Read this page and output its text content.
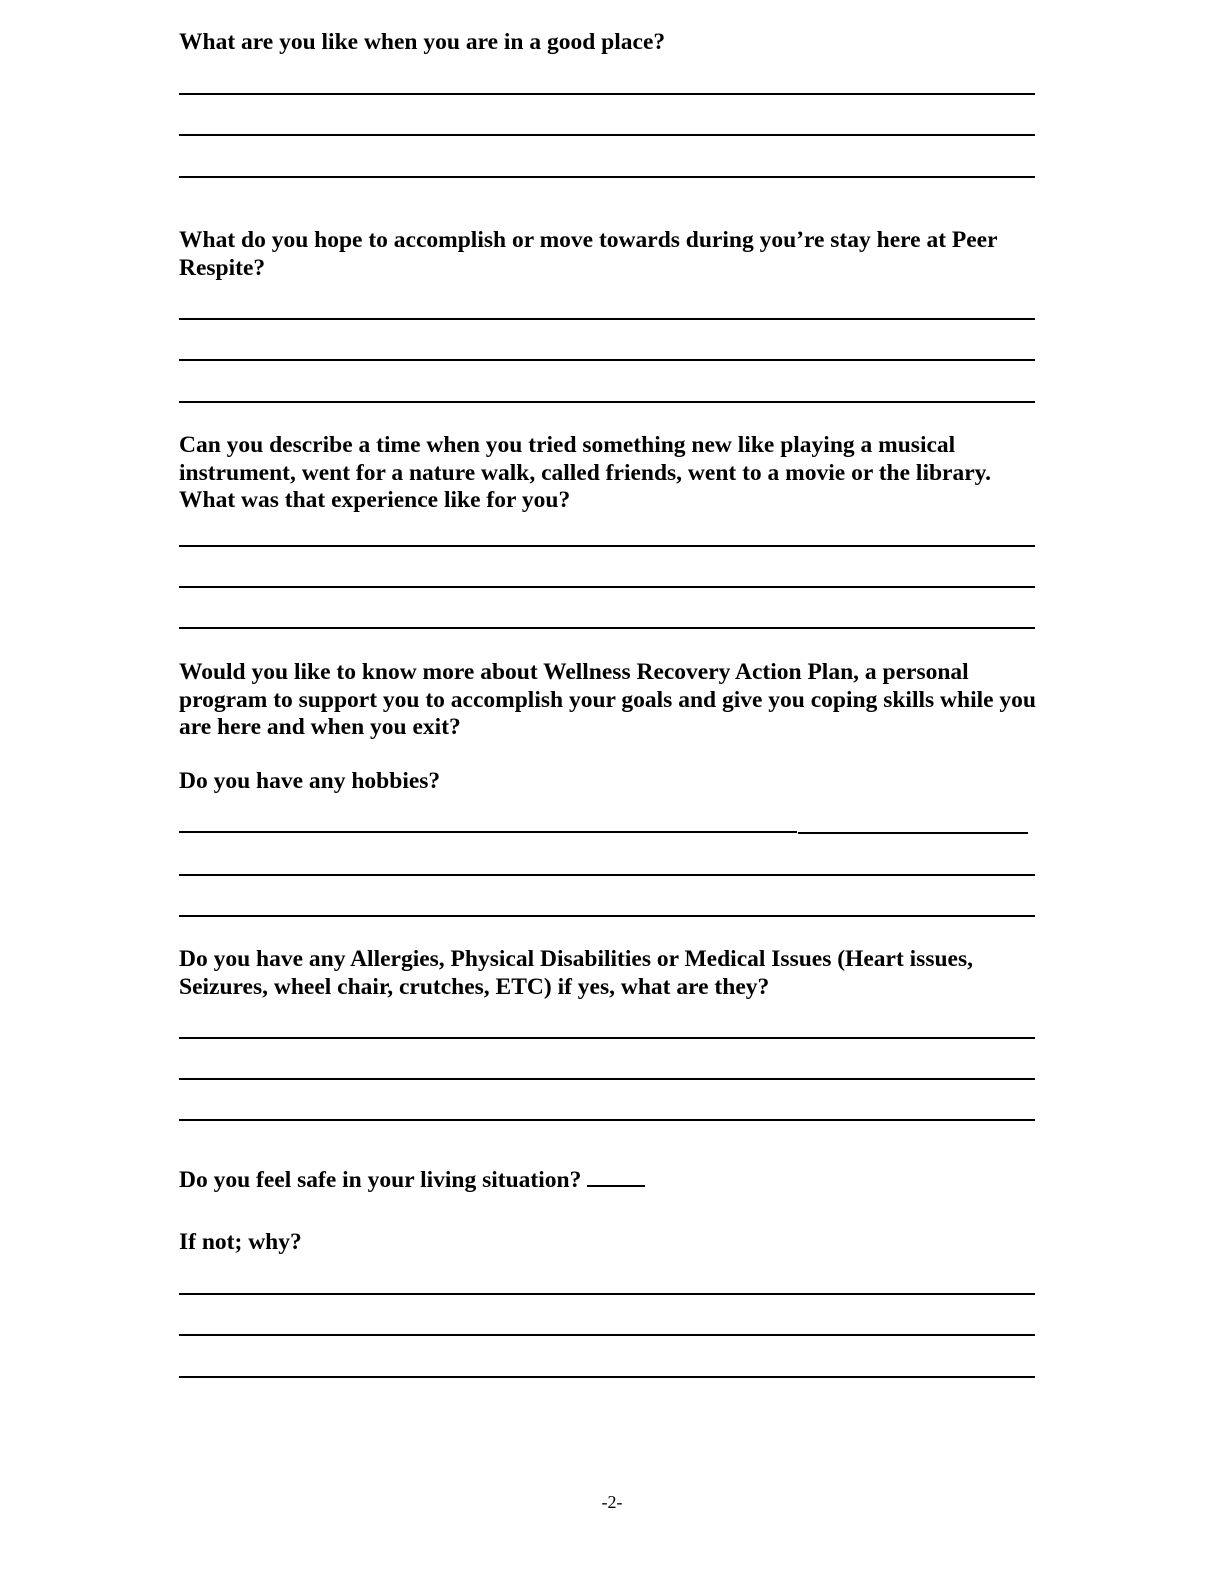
What are you like when you are in a good place?

What do you hope to accomplish or move towards during you’re stay here at Peer Respite?

Can you describe a time when you tried something new like playing a musical instrument, went for a nature walk, called friends, went to a movie or the library. What was that experience like for you?

Would you like to know more about Wellness Recovery Action Plan, a personal program to support you to accomplish your goals and give you coping skills while you are here and when you exit?

Do you have any hobbies?

Do you have any Allergies, Physical Disabilities or Medical Issues (Heart issues, Seizures, wheel chair, crutches, ETC) if yes, what are they?

Do you feel safe in your living situation?

If not; why?

-2-
